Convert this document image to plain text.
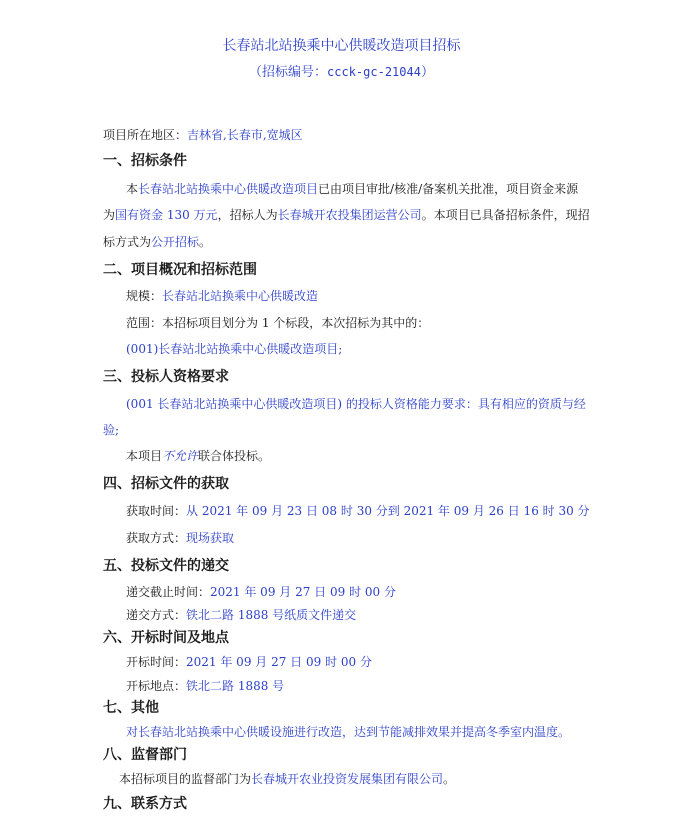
长春站北站换乘中心供暖改造项目招标
（招标编号：ccck-gc-21044）
项目所在地区：吉林省,长春市,宽城区
一、招标条件
本长春站北站换乘中心供暖改造项目已由项目审批/核准/备案机关批准，项目资金来源
为国有资金 130 万元，招标人为长春城开农投集团运营公司。本项目已具备招标条件，现招
标方式为公开招标。
二、项目概况和招标范围
规模：长春站北站换乘中心供暖改造
范围：本招标项目划分为 1 个标段，本次招标为其中的：
(001)长春站北站换乘中心供暖改造项目;
三、投标人资格要求
(001 长春站北站换乘中心供暖改造项目) 的投标人资格能力要求：具有相应的资质与经
验;
本项目不允许联合体投标。
四、招标文件的获取
获取时间：从 2021 年 09 月 23 日 08 时 30 分到 2021 年 09 月 26 日 16 时 30 分
获取方式：现场获取
五、投标文件的递交
递交截止时间：2021 年 09 月 27 日 09 时 00 分
递交方式：铁北二路 1888 号纸质文件递交
六、开标时间及地点
开标时间：2021 年 09 月 27 日 09 时 00 分
开标地点：铁北二路 1888 号
七、其他
对长春站北站换乘中心供暖设施进行改造，达到节能减排效果并提高冬季室内温度。
八、监督部门
本招标项目的监督部门为长春城开农业投资发展集团有限公司。
九、联系方式
